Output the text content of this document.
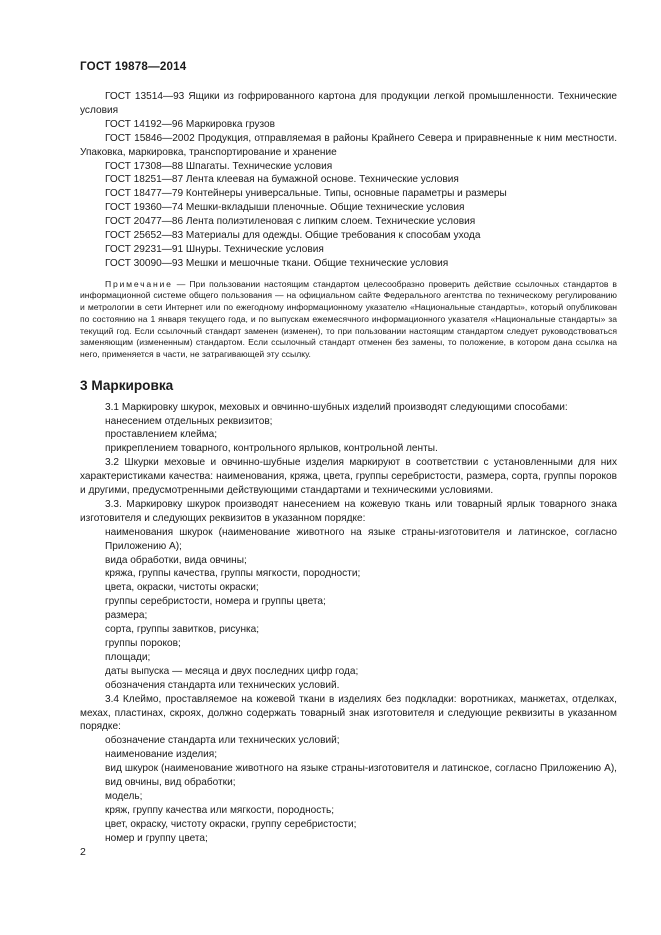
ГОСТ 19878—2014

ГОСТ 13514—93 Ящики из гофрированного картона для продукции легкой промышленности. Технические условия

ГОСТ 14192—96 Маркировка грузов

ГОСТ 15846—2002 Продукция, отправляемая в районы Крайнего Севера и приравненные к ним местности. Упаковка, маркировка, транспортирование и хранение

ГОСТ 17308—88 Шпагаты. Технические условия

ГОСТ 18251—87 Лента клеевая на бумажной основе. Технические условия

ГОСТ 18477—79 Контейнеры универсальные. Типы, основные параметры и размеры

ГОСТ 19360—74 Мешки-вкладыши пленочные. Общие технические условия

ГОСТ 20477—86 Лента полиэтиленовая с липким слоем. Технические условия

ГОСТ 25652—83 Материалы для одежды. Общие требования к способам ухода

ГОСТ 29231—91 Шнуры. Технические условия

ГОСТ 30090—93 Мешки и мешочные ткани. Общие технические условия

Примечание — При пользовании настоящим стандартом целесообразно проверить действие ссылочных стандартов в информационной системе общего пользования — на официальном сайте Федерального агентства по техническому регулированию и метрологии в сети Интернет или по ежегодному информационному указателю «Национальные стандарты», который опубликован по состоянию на 1 января текущего года, и по выпускам ежемесячного информационного указателя «Национальные стандарты» за текущий год. Если ссылочный стандарт заменен (изменен), то при пользовании настоящим стандартом следует руководствоваться заменяющим (измененным) стандартом. Если ссылочный стандарт отменен без замены, то положение, в котором дана ссылка на него, применяется в части, не затрагивающей эту ссылку.

3 Маркировка

3.1 Маркировку шкурок, меховых и овчинно-шубных изделий производят следующими способами:

нанесением отдельных реквизитов;

проставлением клейма;

прикреплением товарного, контрольного ярлыков, контрольной ленты.

3.2 Шкурки меховые и овчинно-шубные изделия маркируют в соответствии с установленными для них характеристиками качества: наименования, кряжа, цвета, группы серебристости, размера, сорта, группы пороков и другими, предусмотренными действующими стандартами и техническими условиями.

3.3. Маркировку шкурок производят нанесением на кожевую ткань или товарный ярлык товарного знака изготовителя и следующих реквизитов в указанном порядке:

наименования шкурок (наименование животного на языке страны-изготовителя и латинское, согласно Приложению А);

вида обработки, вида овчины;

кряжа, группы качества, группы мягкости, породности;

цвета, окраски, чистоты окраски;

группы серебристости, номера и группы цвета;

размера;

сорта, группы завитков, рисунка;

группы пороков;

площади;

даты выпуска — месяца и двух последних цифр года;

обозначения стандарта или технических условий.

3.4 Клеймо, проставляемое на кожевой ткани в изделиях без подкладки: воротниках, манжетах, отделках, мехах, пластинах, скроях, должно содержать товарный знак изготовителя и следующие реквизиты в указанном порядке:

обозначение стандарта или технических условий;

наименование изделия;

вид шкурок (наименование животного на языке страны-изготовителя и латинское, согласно Приложению А), вид овчины, вид обработки;

модель;

кряж, группу качества или мягкости, породность;

цвет, окраску, чистоту окраски, группу серебристости;

номер и группу цвета;

2
